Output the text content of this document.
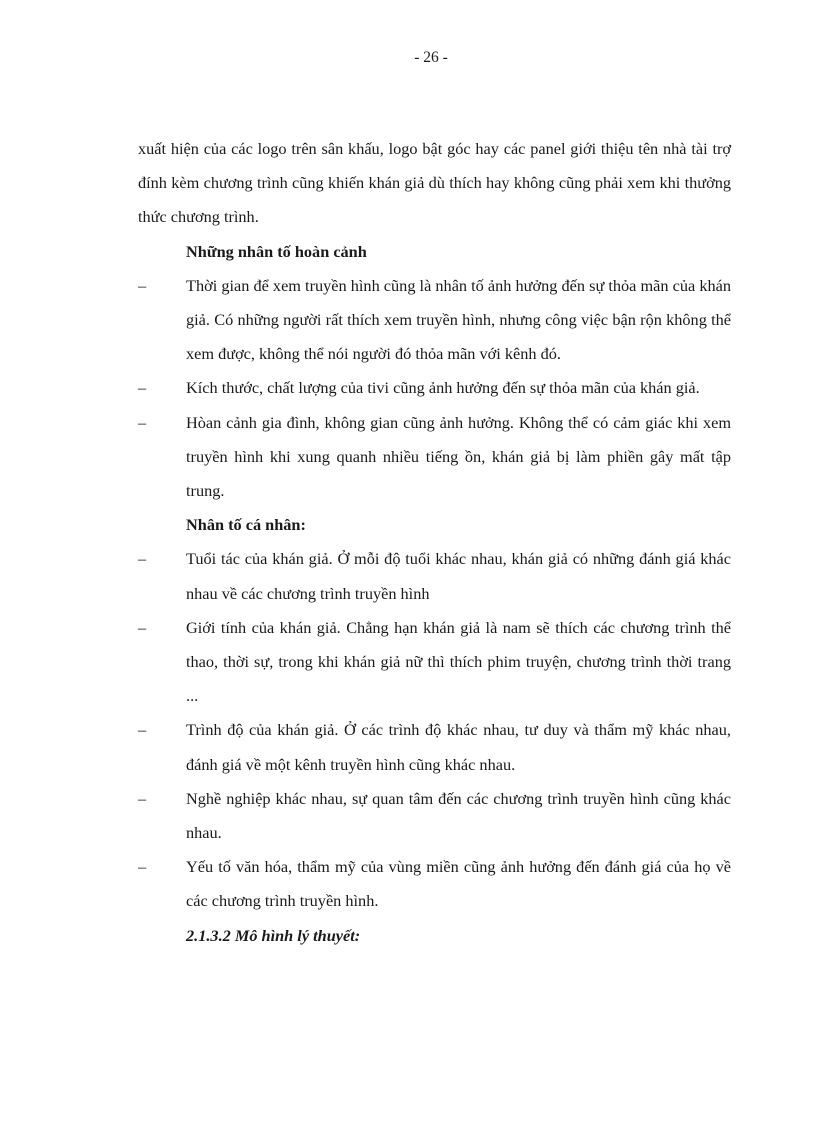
- 26 -

xuất hiện của các logo trên sân khấu, logo bật góc hay các panel giới thiệu tên nhà tài trợ đính kèm chương trình cũng khiến khán giả dù thích hay không cũng phải xem khi thưởng thức chương trình.

Những nhân tố hoàn cảnh

– Thời gian để xem truyền hình cũng là nhân tố ảnh hưởng đến sự thỏa mãn của khán giả. Có những người rất thích xem truyền hình, nhưng công việc bận rộn không thể xem được, không thể nói người đó thỏa mãn với kênh đó.

– Kích thước, chất lượng của tivi cũng ảnh hưởng đến sự thỏa mãn của khán giả.

– Hòan cảnh gia đình, không gian cũng ảnh hưởng. Không thể có cảm giác khi xem truyền hình khi xung quanh nhiều tiếng ồn, khán giả bị làm phiền gây mất tập trung.

Nhân tố cá nhân:

– Tuổi tác của khán giả. Ở mỗi độ tuổi khác nhau, khán giả có những đánh giá khác nhau về các chương trình truyền hình

– Giới tính của khán giả. Chẳng hạn khán giả là nam sẽ thích các chương trình thể thao, thời sự, trong khi khán giả nữ thì thích phim truyện, chương trình thời trang ...

– Trình độ của khán giả. Ở các trình độ khác nhau, tư duy và thẩm mỹ khác nhau, đánh giá về một kênh truyền hình cũng khác nhau.

– Nghề nghiệp khác nhau, sự quan tâm đến các chương trình truyền hình cũng khác nhau.

– Yếu tố văn hóa, thẩm mỹ của vùng miền cũng ảnh hưởng đến đánh giá của họ về các chương trình truyền hình.

2.1.3.2 Mô hình lý thuyết:
